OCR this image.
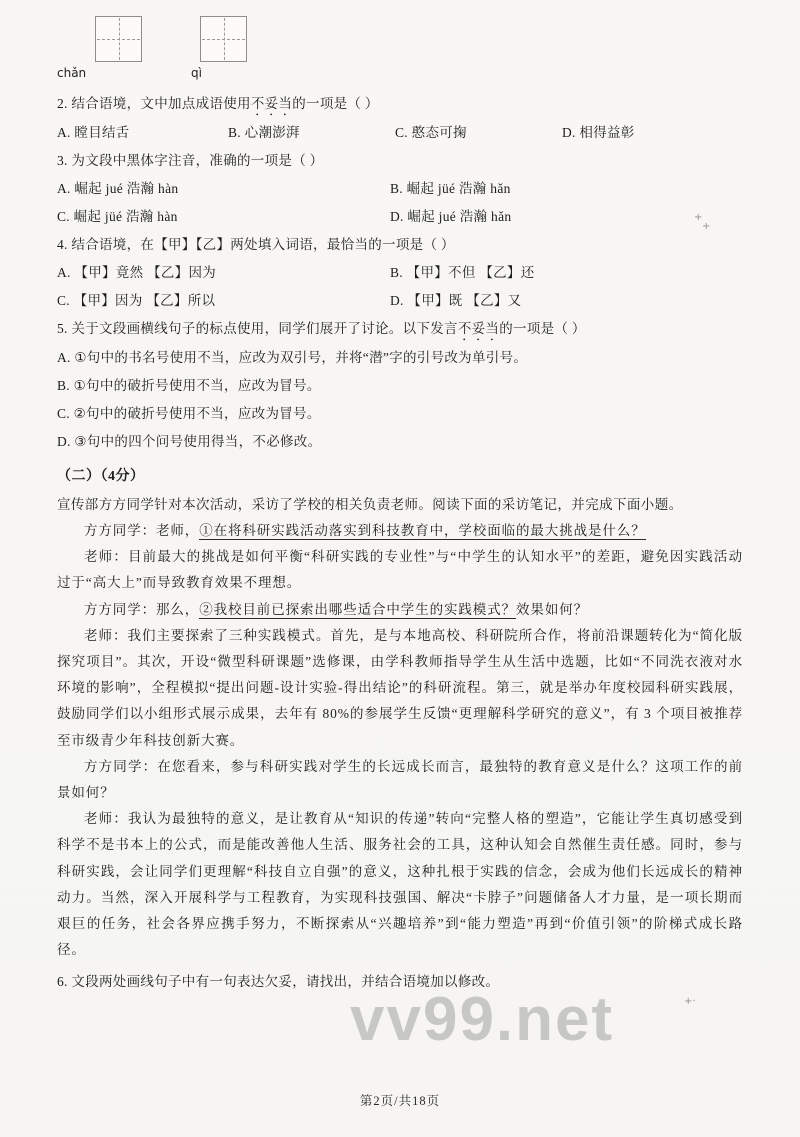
chǎn	qì

2. 结合语境，文中加点成语使用不妥当的一项是（ ）

A. 瞠目结舌	B. 心潮澎湃	C. 憨态可掬	D. 相得益彰

3. 为文段中黑体字注音，准确的一项是（ ）

A. 崛起 jué 浩瀚 hàn	B. 崛起 jüé 浩瀚 hǎn
C. 崛起 jüé 浩瀚 hàn	D. 崛起 jué 浩瀚 hǎn

4. 结合语境，在【甲】【乙】两处填入词语，最恰当的一项是（ ）

A. 【甲】竟然 【乙】因为	B. 【甲】不但 【乙】还
C. 【甲】因为 【乙】所以	D. 【甲】既 【乙】又

5. 关于文段画横线句子的标点使用，同学们展开了讨论。以下发言不妥当的一项是（ ）

A. ①句中的书名号使用不当，应改为双引号，并将“潜”字的引号改为单引号。

B. ①句中的破折号使用不当，应改为冒号。

C. ②句中的破折号使用不当，应改为冒号。

D. ③句中的四个问号使用得当，不必修改。

（二）（4分）

宣传部方方同学针对本次活动，采访了学校的相关负责老师。阅读下面的采访笔记，并完成下面小题。

方方同学：老师，①在将科研实践活动落实到科技教育中，学校面临的最大挑战是什么？

老师：目前最大的挑战是如何平衡“科研实践的专业性”与“中学生的认知水平”的差距，避免因实践活动过于“高大上”而导致教育效果不理想。

方方同学：那么，②我校目前已探索出哪些适合中学生的实践模式？效果如何？

老师：我们主要探索了三种实践模式。首先，是与本地高校、科研院所合作，将前沿课题转化为“简化版探究项目”。其次，开设“微型科研课题”选修课，由学科教师指导学生从生活中选题，比如“不同洗衣液对水环境的影响”，全程模拟“提出问题-设计实验-得出结论”的科研流程。第三，就是举办年度校园科研实践展，鼓励同学们以小组形式展示成果，去年有 80%的参展学生反馈“更理解科学研究的意义”，有 3 个项目被推荐至市级青少年科技创新大赛。

方方同学：在您看来，参与科研实践对学生的长远成长而言，最独特的教育意义是什么？这项工作的前景如何？

老师：我认为最独特的意义，是让教育从“知识的传递”转向“完整人格的塑造”，它能让学生真切感受到科学不是书本上的公式，而是能改善他人生活、服务社会的工具，这种认知会自然催生责任感。同时，参与科研实践，会让同学们更理解“科技自立自强”的意义，这种扎根于实践的信念，会成为他们长远成长的精神动力。当然，深入开展科学与工程教育，为实现科技强国、解决“卡脖子”问题储备人才力量，是一项长期而艰巨的任务，社会各界应携手努力，不断探索从“兴趣培养”到“能力塑造”再到“价值引领”的阶梯式成长路径。

6. 文段两处画线句子中有一句表达欠妥，请找出，并结合语境加以修改。

+
+
+·
vv99.net
第2页/共18页
